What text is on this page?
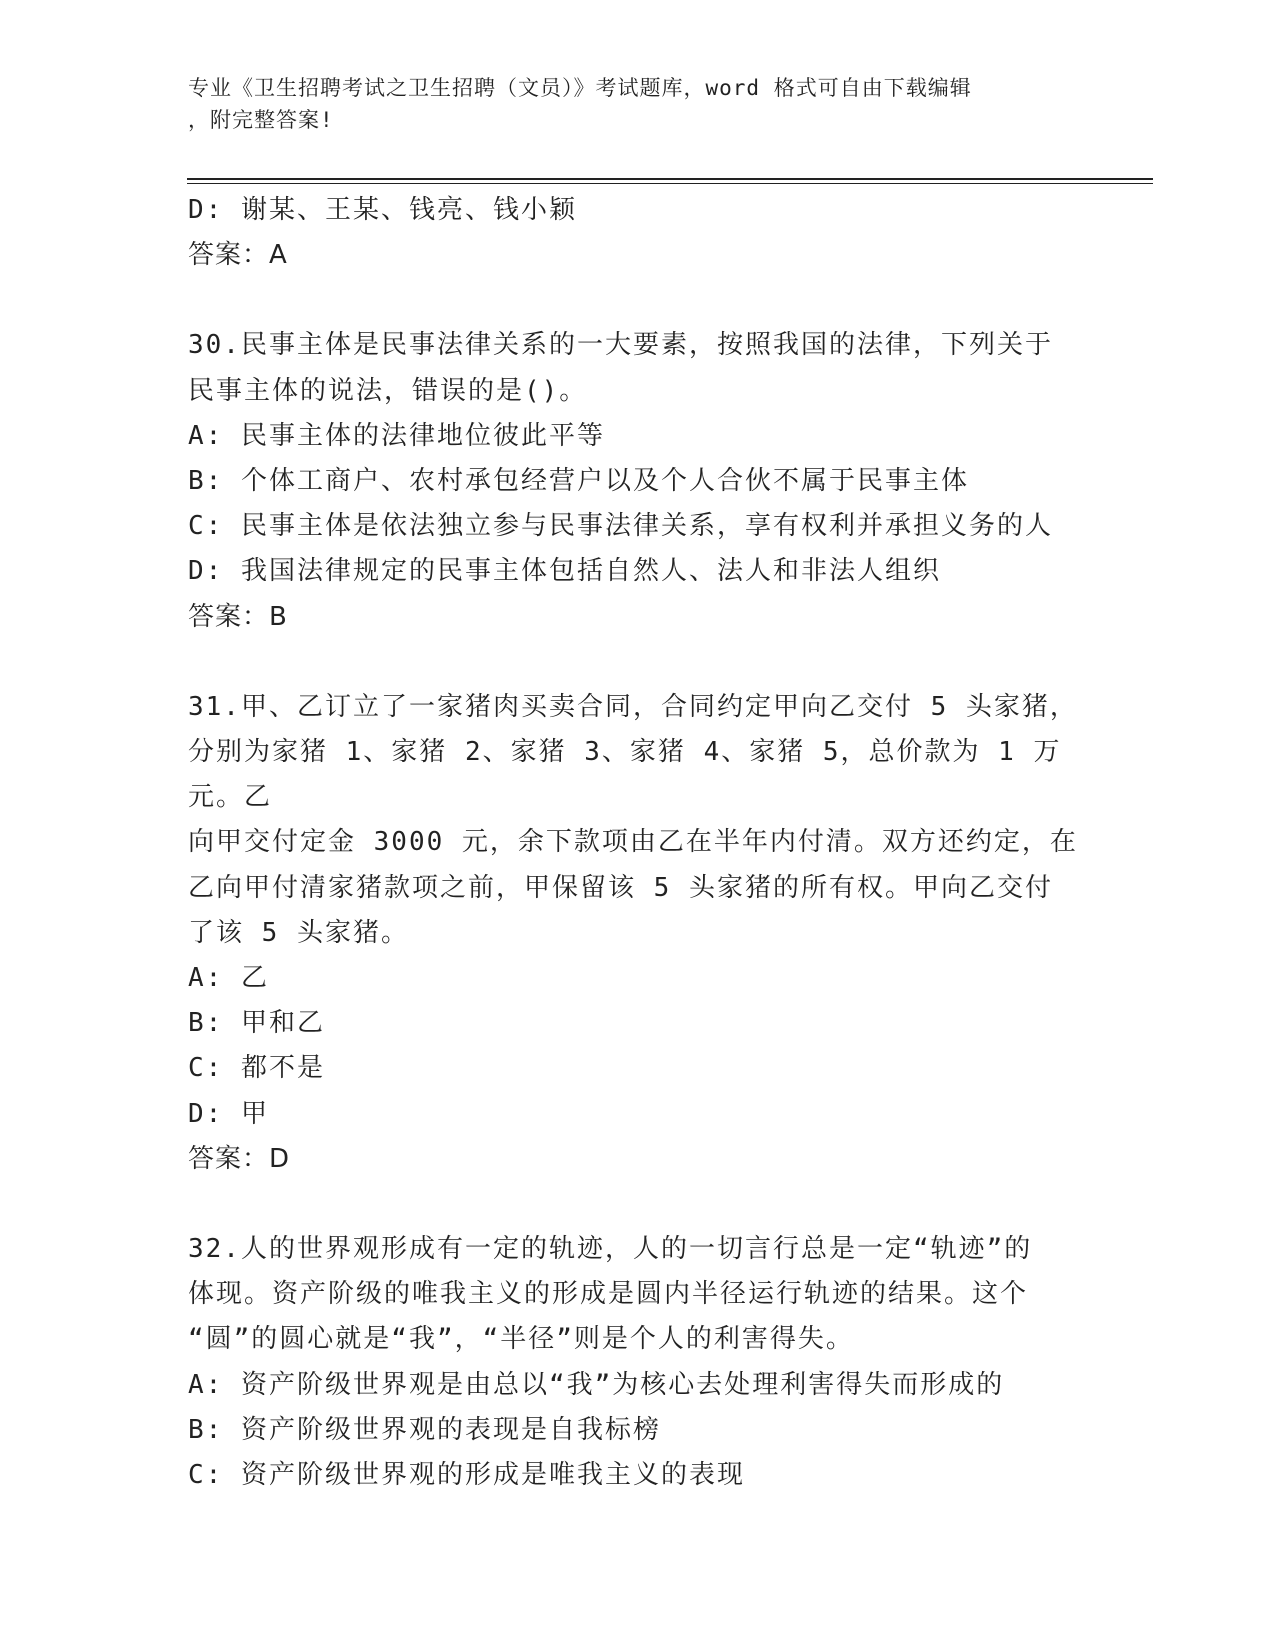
专业《卫生招聘考试之卫生招聘（文员）》考试题库，word 格式可自由下载编辑
，附完整答案!

D: 谢某、王某、钱亮、钱小颖

答案：A

30.民事主体是民事法律关系的一大要素，按照我国的法律，下列关于

民事主体的说法，错误的是()。

A: 民事主体的法律地位彼此平等

B: 个体工商户、农村承包经营户以及个人合伙不属于民事主体

C: 民事主体是依法独立参与民事法律关系，享有权利并承担义务的人

D: 我国法律规定的民事主体包括自然人、法人和非法人组织

答案：B

31.甲、乙订立了一家猪肉买卖合同，合同约定甲向乙交付 5 头家猪，

分别为家猪 1、家猪 2、家猪 3、家猪 4、家猪 5，总价款为 1 万元。乙

向甲交付定金 3000 元，余下款项由乙在半年内付清。双方还约定，在

乙向甲付清家猪款项之前，甲保留该 5 头家猪的所有权。甲向乙交付

了该 5 头家猪。

A: 乙

B: 甲和乙

C: 都不是

D: 甲

答案：D

32.人的世界观形成有一定的轨迹，人的一切言行总是一定“轨迹”的

体现。资产阶级的唯我主义的形成是圆内半径运行轨迹的结果。这个

“圆”的圆心就是“我”，“半径”则是个人的利害得失。

A: 资产阶级世界观是由总以“我”为核心去处理利害得失而形成的

B: 资产阶级世界观的表现是自我标榜

C: 资产阶级世界观的形成是唯我主义的表现
